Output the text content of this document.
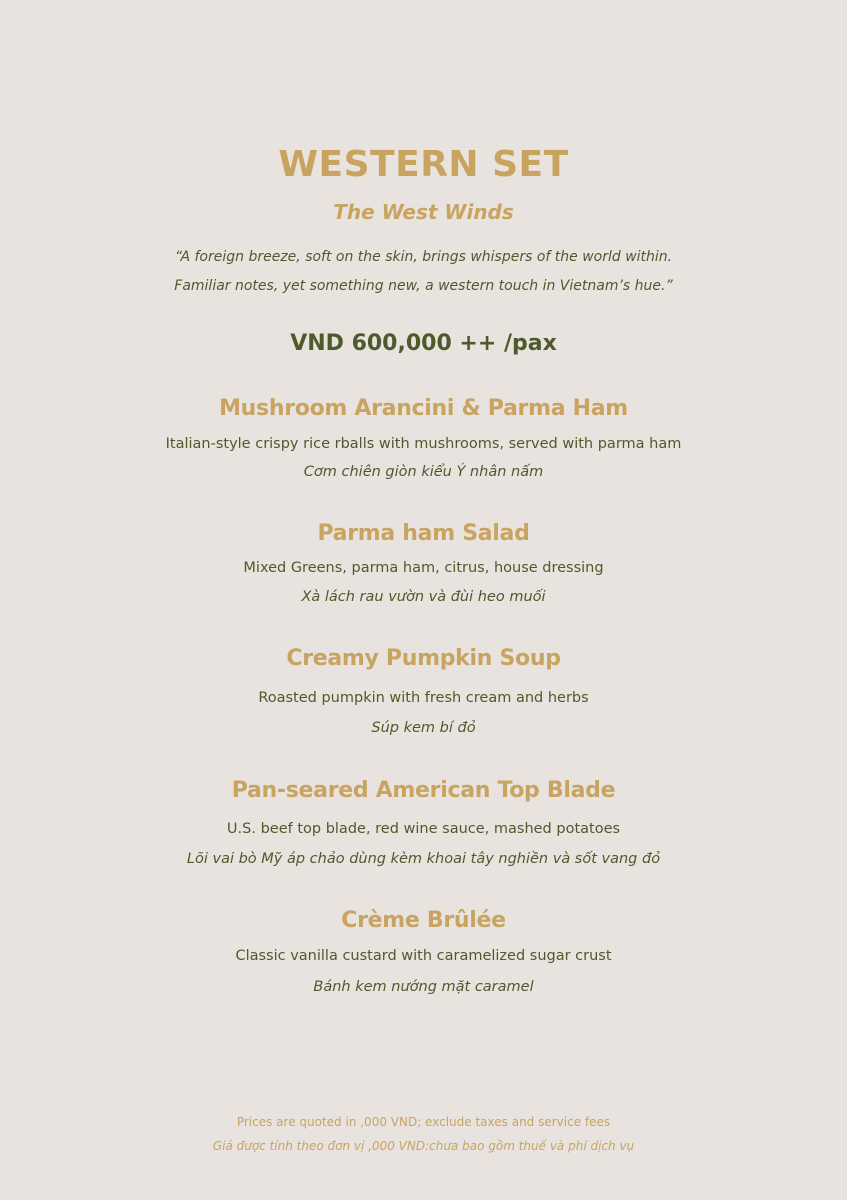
WESTERN SET
The West Winds
“A foreign breeze, soft on the skin, brings whispers of the world within.
Familiar notes, yet something new, a western touch in Vietnam’s hue.”
VND 600,000 ++ /pax
Mushroom Arancini & Parma Ham
Italian-style crispy rice rballs with mushrooms, served with parma ham
Cơm chiên giòn kiểu Ý nhân nấm
Parma ham Salad
Mixed Greens, parma ham, citrus, house dressing
Xà lách rau vườn và đùi heo muối
Creamy Pumpkin Soup
Roasted pumpkin with fresh cream and herbs
Súp kem bí đỏ
Pan-seared American Top Blade
U.S. beef top blade, red wine sauce, mashed potatoes
Lõi vai bò Mỹ áp chảo dùng kèm khoai tây nghiền và sốt vang đỏ
Crème Brûlée
Classic vanilla custard with caramelized sugar crust
Bánh kem nướng mặt caramel
Prices are quoted in ,000 VND; exclude taxes and service fees
Giá được tính theo đơn vị ,000 VND:chưa bao gồm thuế và phí dịch vụ
